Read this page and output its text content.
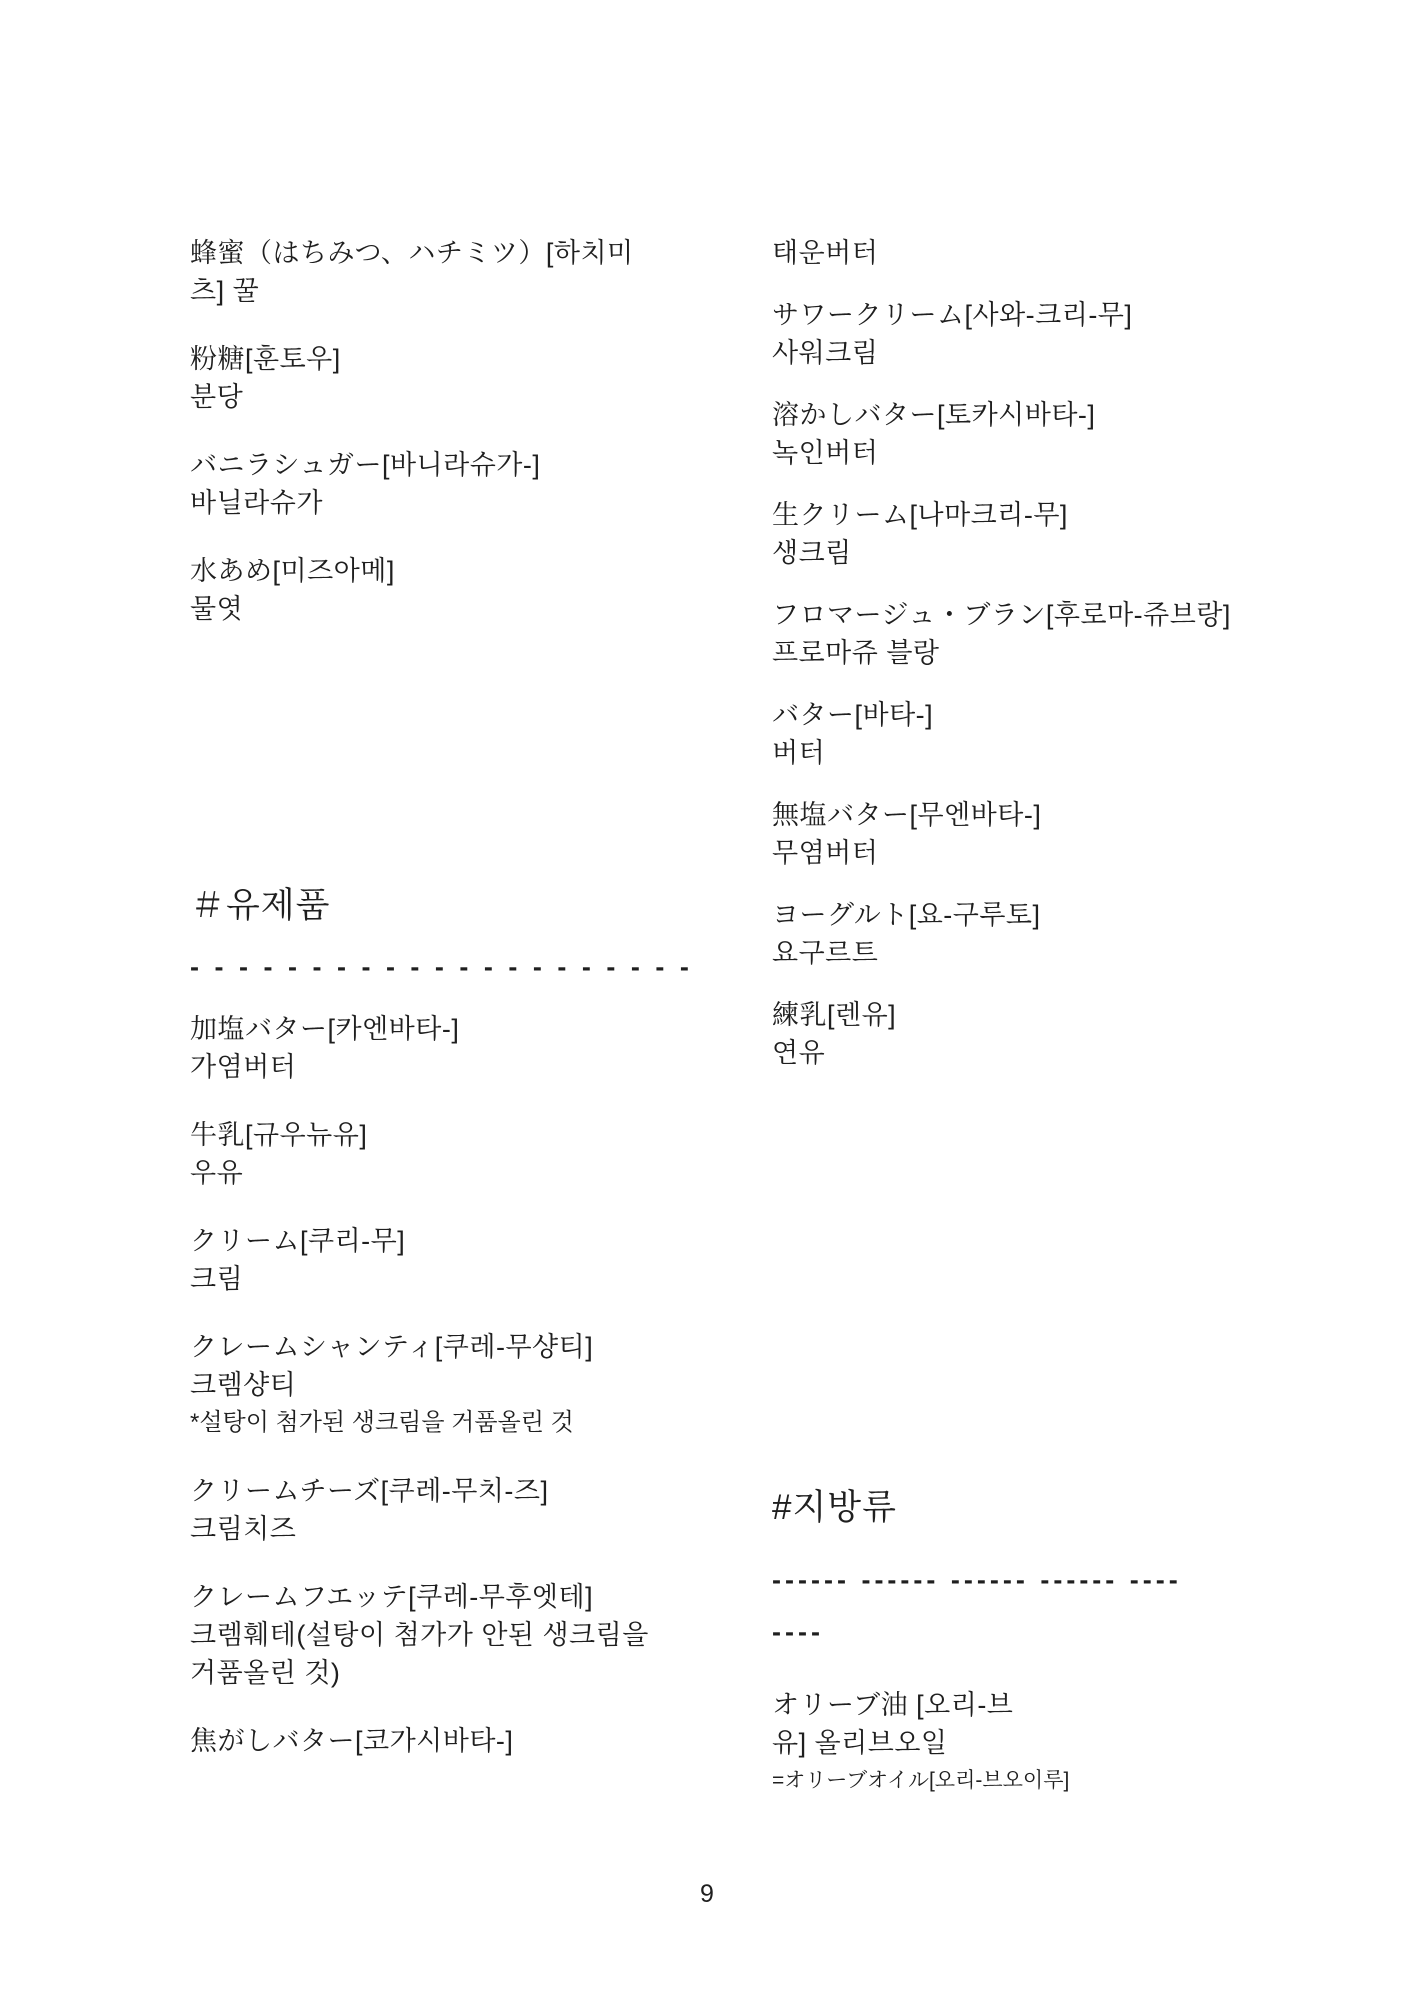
蜂蜜（はちみつ、ハチミツ）[하치미
츠] 꿀
粉糖[훈토우]
분당
バニラシュガー[바니라슈가-]
바닐라슈가
水あめ[미즈아메]
물엿
＃유제품
- - - - - - - - - - - - - - - - - - - - -
加塩バター[카엔바타-]
가염버터
牛乳[규우뉴유]
우유
クリーム[쿠리-무]
크림
クレームシャンティ[쿠레-무샹티]
크렘샹티
*설탕이 첨가된 생크림을 거품올린 것
クリームチーズ[쿠레-무치-즈]
크림치즈
クレームフエッテ[쿠레-무후엣테]
크렘훼테(설탕이 첨가가 안된 생크림을
거품올린 것)
焦がしバター[코가시바타-]
태운버터
サワークリーム[사와-크리-무]
사워크림
溶かしバター[토카시바타-]
녹인버터
生クリーム[나마크리-무]
생크림
フロマージュ・ブラン[후로마-쥬브랑]
프로마쥬 블랑
バター[바타-]
버터
無塩バター[무엔바타-]
무염버터
ヨーグルト[요-구루토]
요구르트
練乳[렌유]
연유
#지방류
------ ------ ------ ------ ----
----
オリーブ油 [오리-브
유] 올리브오일
=オリーブオイル[오리-브오이루]
9
